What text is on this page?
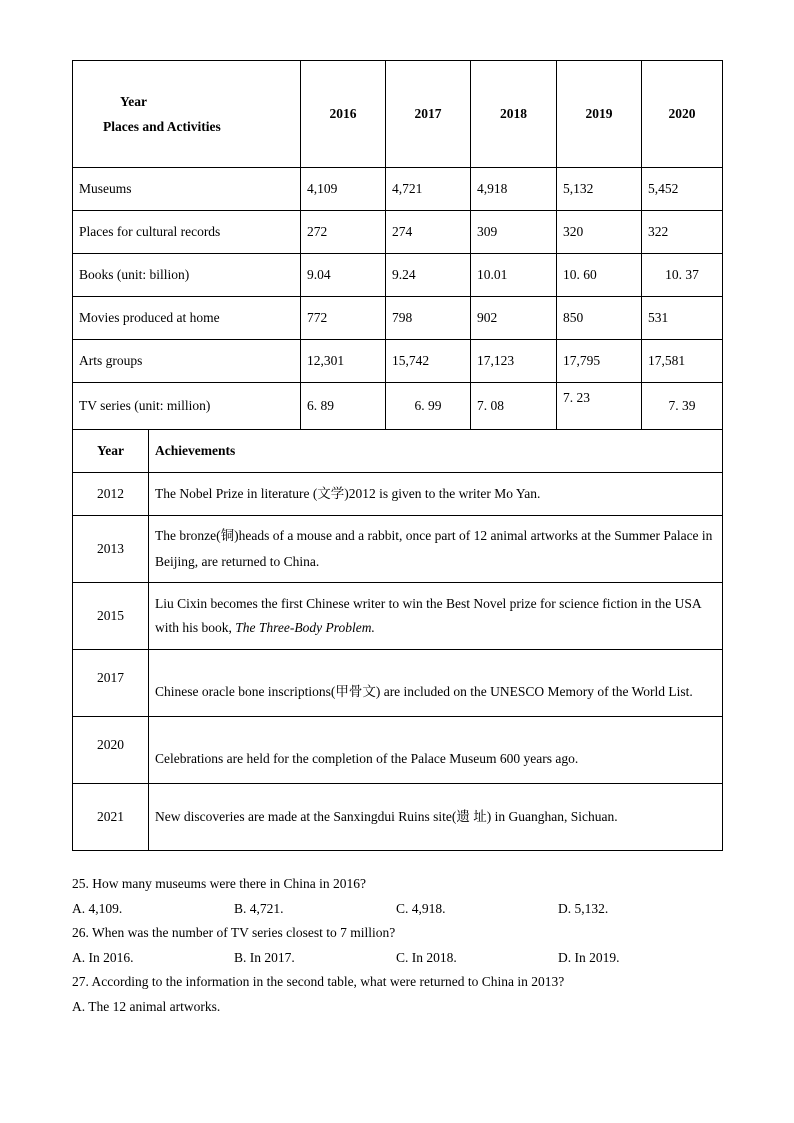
Year
Places and Activities	2016	2017	2018	2019	2020
Museums	4,109	4,721	4,918	5,132	5,452
Places for cultural records	272	274	309	320	322
Books (unit: billion)	9.04	9.24	10.01	10. 60	10. 37
Movies produced at home	772	798	902	850	531
Arts groups	12,301	15,742	17,123	17,795	17,581
TV series (unit: million)	6. 89	6. 99	7. 08	7. 23	7. 39
Year	Achievements
2012	The Nobel Prize in literature (文学)2012 is given to the writer Mo Yan.
2013	The bronze(铜)heads of a mouse and a rabbit, once part of 12 animal artworks at the Summer Palace in Beijing, are returned to China.
2015	Liu Cixin becomes the first Chinese writer to win the Best Novel prize for science fiction in the USA with his book, The Three-Body Problem.
2017	Chinese oracle bone inscriptions(甲骨文) are included on the UNESCO Memory of the World List.
2020	Celebrations are held for the completion of the Palace Museum 600 years ago.
2021	New discoveries are made at the Sanxingdui Ruins site(遗 址) in Guanghan, Sichuan.
25. How many museums were there in China in 2016?
A. 4,109.	B. 4,721.	C. 4,918.	D. 5,132.
26. When was the number of TV series closest to 7 million?
A. In 2016.	B. In 2017.	C. In 2018.	D. In 2019.
27. According to the information in the second table, what were returned to China in 2013?
A. The 12 animal artworks.
